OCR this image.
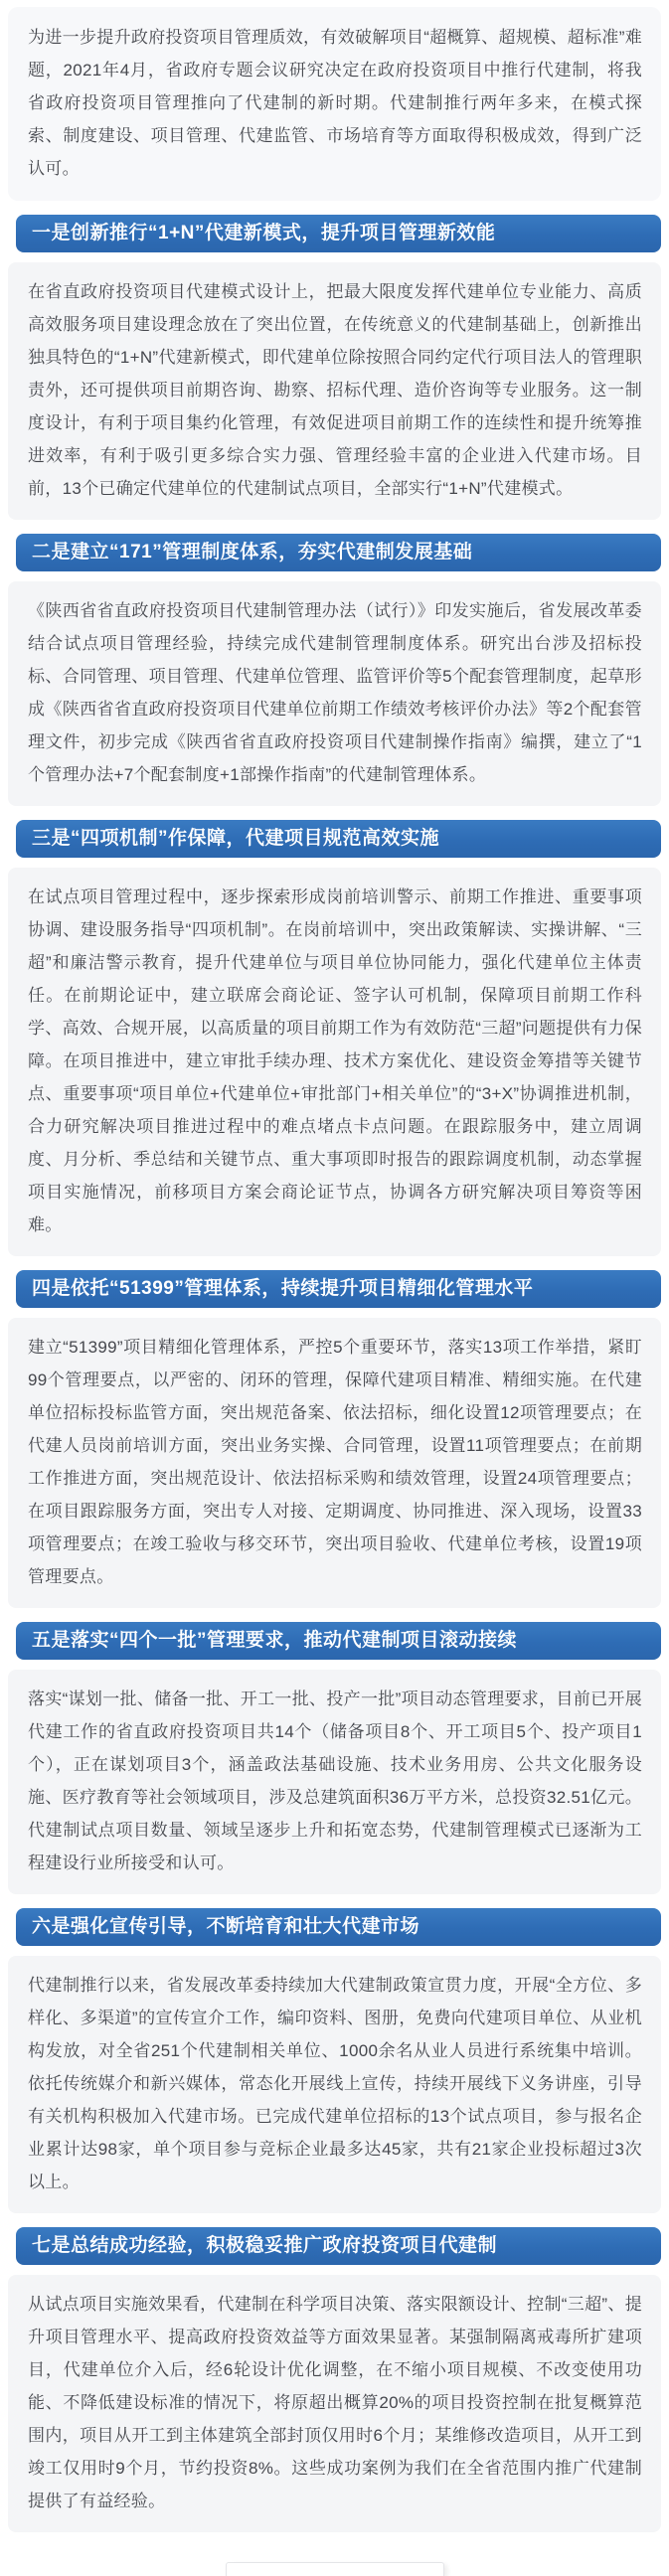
为进一步提升政府投资项目管理质效，有效破解项目“超概算、超规模、超标准”难题，2021年4月，省政府专题会议研究决定在政府投资项目中推行代建制，将我省政府投资项目管理推向了代建制的新时期。代建制推行两年多来，在模式探索、制度建设、项目管理、代建监管、市场培育等方面取得积极成效，得到广泛认可。

一是创新推行“1+N”代建新模式，提升项目管理新效能
在省直政府投资项目代建模式设计上，把最大限度发挥代建单位专业能力、高质高效服务项目建设理念放在了突出位置，在传统意义的代建制基础上，创新推出独具特色的“1+N”代建新模式，即代建单位除按照合同约定代行项目法人的管理职责外，还可提供项目前期咨询、勘察、招标代理、造价咨询等专业服务。这一制度设计，有利于项目集约化管理，有效促进项目前期工作的连续性和提升统筹推进效率，有利于吸引更多综合实力强、管理经验丰富的企业进入代建市场。目前，13个已确定代建单位的代建制试点项目，全部实行“1+N”代建模式。
二是建立“171”管理制度体系，夯实代建制发展基础
《陕西省省直政府投资项目代建制管理办法（试行）》印发实施后，省发展改革委结合试点项目管理经验，持续完成代建制管理制度体系。研究出台涉及招标投标、合同管理、项目管理、代建单位管理、监管评价等5个配套管理制度，起草形成《陕西省省直政府投资项目代建单位前期工作绩效考核评价办法》等2个配套管理文件，初步完成《陕西省省直政府投资项目代建制操作指南》编撰，建立了“1个管理办法+7个配套制度+1部操作指南”的代建制管理体系。
三是“四项机制”作保障，代建项目规范高效实施
在试点项目管理过程中，逐步探索形成岗前培训警示、前期工作推进、重要事项协调、建设服务指导“四项机制”。在岗前培训中，突出政策解读、实操讲解、“三超”和廉洁警示教育，提升代建单位与项目单位协同能力，强化代建单位主体责任。在前期论证中，建立联席会商论证、签字认可机制，保障项目前期工作科学、高效、合规开展，以高质量的项目前期工作为有效防范“三超”问题提供有力保障。在项目推进中，建立审批手续办理、技术方案优化、建设资金筹措等关键节点、重要事项“项目单位+代建单位+审批部门+相关单位”的“3+X”协调推进机制，合力研究解决项目推进过程中的难点堵点卡点问题。在跟踪服务中，建立周调度、月分析、季总结和关键节点、重大事项即时报告的跟踪调度机制，动态掌握项目实施情况，前移项目方案会商论证节点，协调各方研究解决项目筹资等困难。
四是依托“51399”管理体系，持续提升项目精细化管理水平
建立“51399”项目精细化管理体系，严控5个重要环节，落实13项工作举措，紧盯99个管理要点，以严密的、闭环的管理，保障代建项目精准、精细实施。在代建单位招标投标监管方面，突出规范备案、依法招标，细化设置12项管理要点；在代建人员岗前培训方面，突出业务实操、合同管理，设置11项管理要点；在前期工作推进方面，突出规范设计、依法招标采购和绩效管理，设置24项管理要点；在项目跟踪服务方面，突出专人对接、定期调度、协同推进、深入现场，设置33项管理要点；在竣工验收与移交环节，突出项目验收、代建单位考核，设置19项管理要点。
五是落实“四个一批”管理要求，推动代建制项目滚动接续
落实“谋划一批、储备一批、开工一批、投产一批”项目动态管理要求，目前已开展代建工作的省直政府投资项目共14个（储备项目8个、开工项目5个、投产项目1个），正在谋划项目3个，涵盖政法基础设施、技术业务用房、公共文化服务设施、医疗教育等社会领域项目，涉及总建筑面积36万平方米，总投资32.51亿元。代建制试点项目数量、领域呈逐步上升和拓宽态势，代建制管理模式已逐渐为工程建设行业所接受和认可。
六是强化宣传引导，不断培育和壮大代建市场
代建制推行以来，省发展改革委持续加大代建制政策宣贯力度，开展“全方位、多样化、多渠道”的宣传宣介工作，编印资料、图册，免费向代建项目单位、从业机构发放，对全省251个代建制相关单位、1000余名从业人员进行系统集中培训。依托传统媒介和新兴媒体，常态化开展线上宣传，持续开展线下义务讲座，引导有关机构积极加入代建市场。已完成代建单位招标的13个试点项目，参与报名企业累计达98家，单个项目参与竞标企业最多达45家，共有21家企业投标超过3次以上。
七是总结成功经验，积极稳妥推广政府投资项目代建制
从试点项目实施效果看，代建制在科学项目决策、落实限额设计、控制“三超”、提升项目管理水平、提高政府投资效益等方面效果显著。某强制隔离戒毒所扩建项目，代建单位介入后，经6轮设计优化调整，在不缩小项目规模、不改变使用功能、不降低建设标准的情况下，将原超出概算20%的项目投资控制在批复概算范围内，项目从开工到主体建筑全部封顶仅用时6个月；某维修改造项目，从开工到竣工仅用时9个月，节约投资8%。这些成功案例为我们在全省范围内推广代建制提供了有益经验。
